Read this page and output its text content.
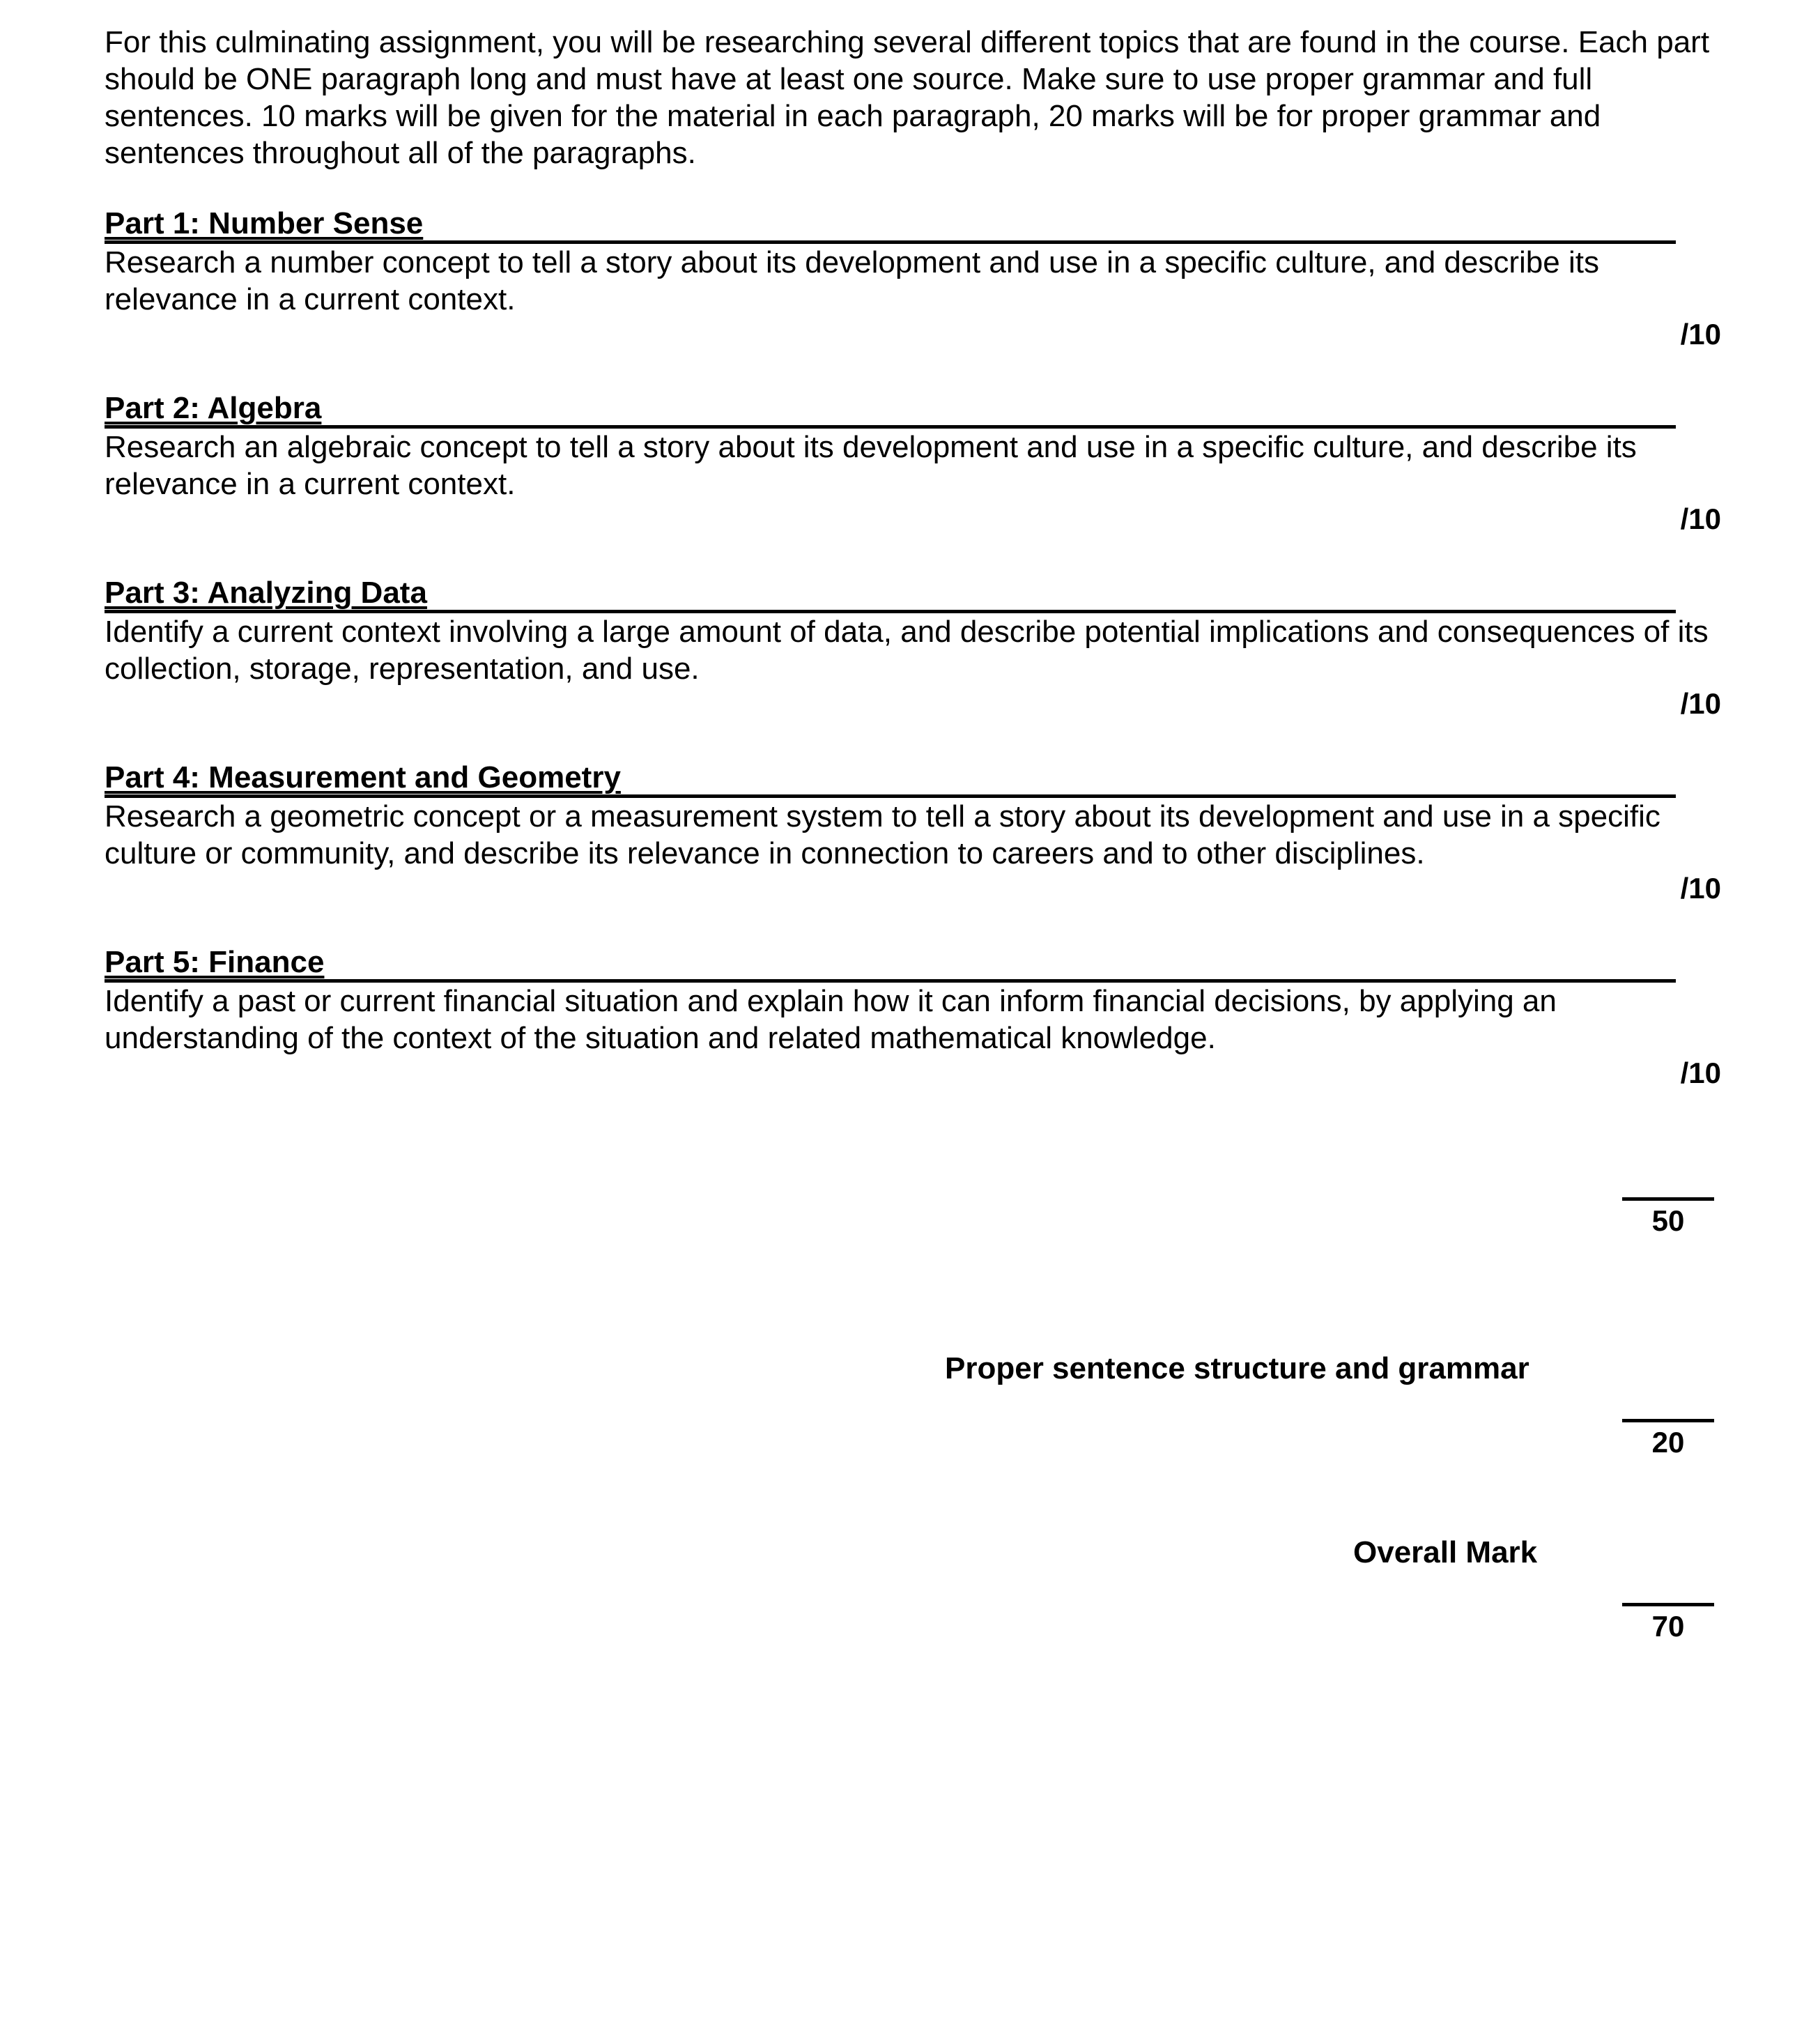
For this culminating assignment, you will be researching several different topics that are found in the course. Each part should be ONE paragraph long and must have at least one source. Make sure to use proper grammar and full sentences. 10 marks will be given for the material in each paragraph, 20 marks will be for proper grammar and sentences throughout all of the paragraphs.

Part 1: Number Sense

Research a number concept to tell a story about its development and use in a specific culture, and describe its relevance in a current context.

/10
Part 2: Algebra

Research an algebraic concept to tell a story about its development and use in a specific culture, and describe its relevance in a current context.

/10
Part 3: Analyzing Data

Identify a current context involving a large amount of data, and describe potential implications and consequences of its collection, storage, representation, and use.

/10
Part 4: Measurement and Geometry

Research a geometric concept or a measurement system to tell a story about its development and use in a specific culture or community, and describe its relevance in connection to careers and to other disciplines.

/10
Part 5: Finance

Identify a past or current financial situation and explain how it can inform financial decisions, by applying an understanding of the context of the situation and related mathematical knowledge.

/10
50
Proper sentence structure and grammar
20
Overall Mark
70
